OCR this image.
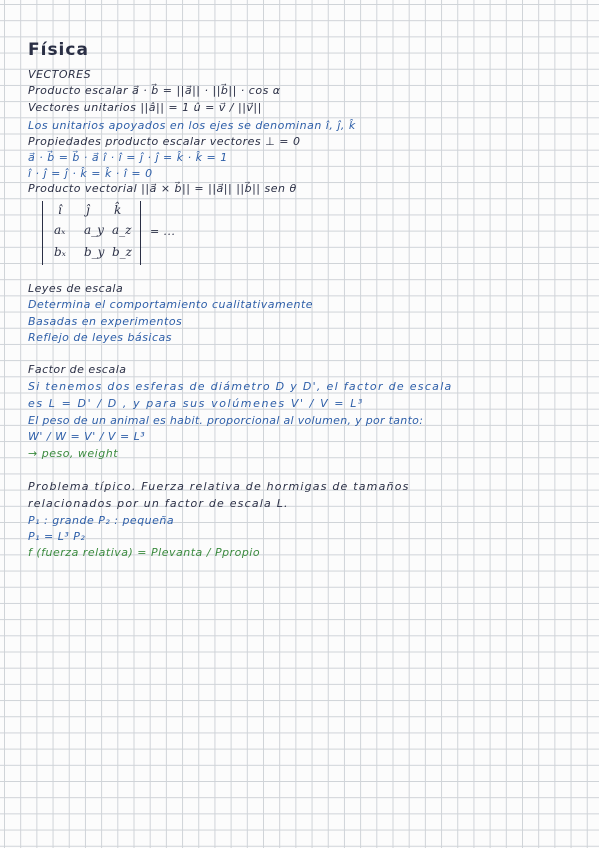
Física
VECTORES
Producto escalar a⃗ · b⃗ = ||a⃗|| · ||b⃗|| · cos α
Vectores unitarios ||â|| = 1 û = v⃗ / ||v⃗||
Los unitarios apoyados en los ejes se denominan î, ĵ, k̂
Propiedades producto escalar vectores ⊥ = 0
a⃗ · b⃗ = b⃗ · a⃗ î · î = ĵ · ĵ = k̂ · k̂ = 1
î · ĵ = ĵ · k̂ = k̂ · î = 0
Producto vectorial ||a⃗ × b⃗|| = ||a⃗|| ||b⃗|| sen θ
î ĵ k̂
aₓ a_y a_z
bₓ b_y b_z
= ...
Leyes de escala
Determina el comportamiento cualitativamente
Basadas en experimentos
Reflejo de leyes básicas
Factor de escala
Si tenemos dos esferas de diámetro D y D', el factor de escala
es L = D' / D , y para sus volúmenes V' / V = L³
El peso de un animal es habit. proporcional al volumen, y por tanto:
W' / W = V' / V = L³
→ peso, weight
Problema típico. Fuerza relativa de hormigas de tamaños
relacionados por un factor de escala L.
P₁ : grande P₂ : pequeña
P₁ = L³ P₂
f (fuerza relativa) = Plevanta / Ppropio
